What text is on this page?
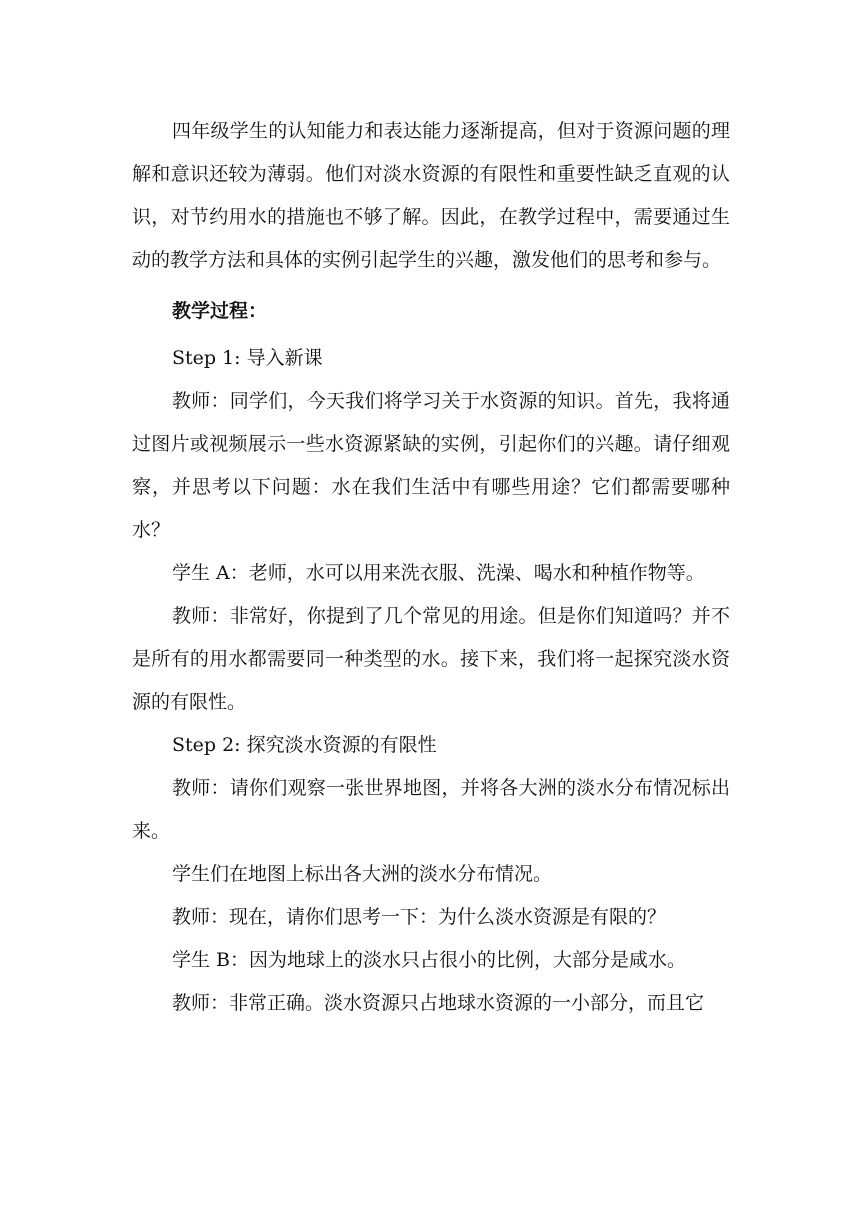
四年级学生的认知能力和表达能力逐渐提高，但对于资源问题的理解和意识还较为薄弱。他们对淡水资源的有限性和重要性缺乏直观的认识，对节约用水的措施也不够了解。因此，在教学过程中，需要通过生动的教学方法和具体的实例引起学生的兴趣，激发他们的思考和参与。

教学过程：

Step 1: 导入新课

教师：同学们，今天我们将学习关于水资源的知识。首先，我将通过图片或视频展示一些水资源紧缺的实例，引起你们的兴趣。请仔细观察，并思考以下问题：水在我们生活中有哪些用途？它们都需要哪种水？

学生 A：老师，水可以用来洗衣服、洗澡、喝水和种植作物等。

教师：非常好，你提到了几个常见的用途。但是你们知道吗？并不是所有的用水都需要同一种类型的水。接下来，我们将一起探究淡水资源的有限性。

Step 2: 探究淡水资源的有限性

教师：请你们观察一张世界地图，并将各大洲的淡水分布情况标出来。

学生们在地图上标出各大洲的淡水分布情况。

教师：现在，请你们思考一下：为什么淡水资源是有限的？

学生 B：因为地球上的淡水只占很小的比例，大部分是咸水。

教师：非常正确。淡水资源只占地球水资源的一小部分，而且它
